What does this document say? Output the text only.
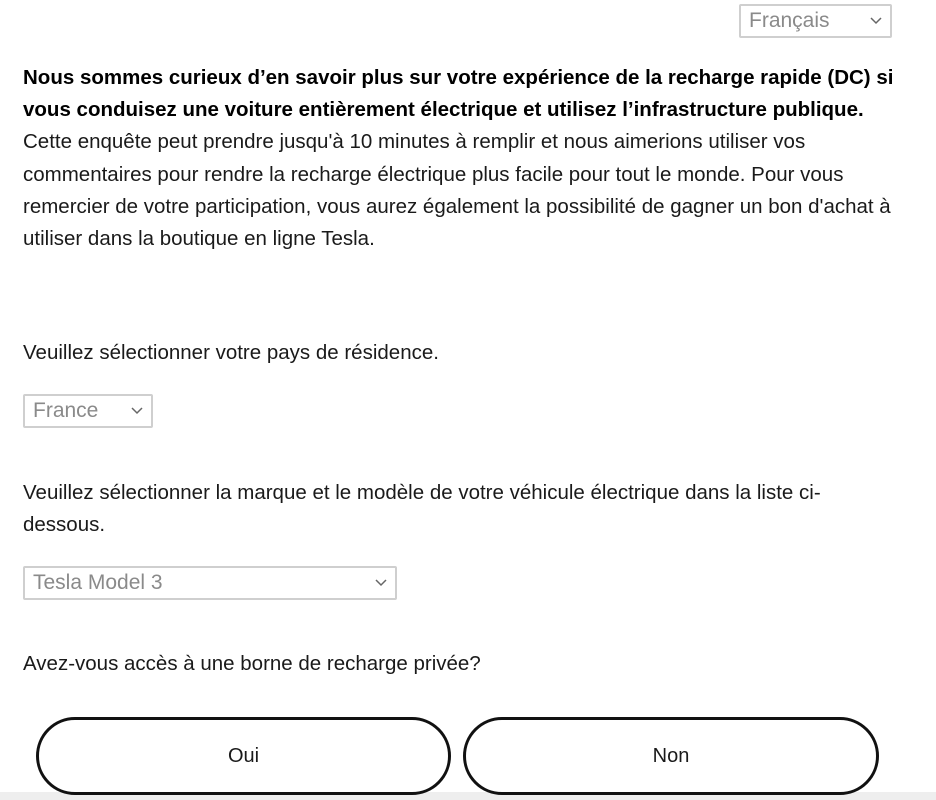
Français

Nous sommes curieux d’en savoir plus sur votre expérience de la recharge rapide (DC) si vous conduisez une voiture entièrement électrique et utilisez l’infrastructure publique. Cette enquête peut prendre jusqu'à 10 minutes à remplir et nous aimerions utiliser vos commentaires pour rendre la recharge électrique plus facile pour tout le monde. Pour vous remercier de votre participation, vous aurez également la possibilité de gagner un bon d'achat à utiliser dans la boutique en ligne Tesla.

Veuillez sélectionner votre pays de résidence.

France

Veuillez sélectionner la marque et le modèle de votre véhicule électrique dans la liste ci-dessous.

Tesla Model 3

Avez-vous accès à une borne de recharge privée?

Oui	Non
